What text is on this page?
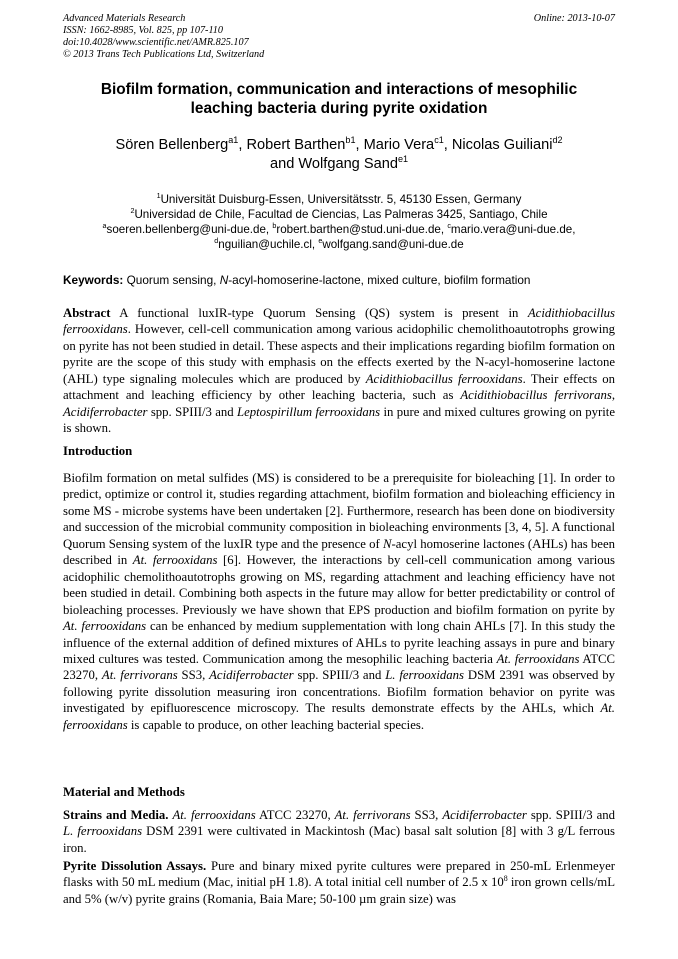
Advanced Materials Research
ISSN: 1662-8985, Vol. 825, pp 107-110
doi:10.4028/www.scientific.net/AMR.825.107
© 2013 Trans Tech Publications Ltd, Switzerland
Online: 2013-10-07
Biofilm formation, communication and interactions of mesophilic
leaching bacteria during pyrite oxidation
Sören Bellenberg$^{a1}$, Robert Barthen$^{b1}$, Mario Vera$^{c1}$, Nicolas Guiliani$^{d2}$
and Wolfgang Sand$^{e1}$
$^1$Universität Duisburg-Essen, Universitätsstr. 5, 45130 Essen, Germany
$^2$Universidad de Chile, Facultad de Ciencias, Las Palmeras 3425, Santiago, Chile
$^a$soeren.bellenberg@uni-due.de, $^b$robert.barthen@stud.uni-due.de, $^c$mario.vera@uni-due.de,
$^d$nguilian@uchile.cl, $^e$wolfgang.sand@uni-due.de
Keywords: Quorum sensing, N-acyl-homoserine-lactone, mixed culture, biofilm formation

Abstract A functional luxIR-type Quorum Sensing (QS) system is present in Acidithiobacillus ferrooxidans. However, cell-cell communication among various acidophilic chemolithoautotrophs growing on pyrite has not been studied in detail. These aspects and their implications regarding biofilm formation on pyrite are the scope of this study with emphasis on the effects exerted by the N-acyl-homoserine lactone (AHL) type signaling molecules which are produced by Acidithiobacillus ferrooxidans. Their effects on attachment and leaching efficiency by other leaching bacteria, such as Acidithiobacillus ferrivorans, Acidiferrobacter spp. SPIII/3 and Leptospirillum ferrooxidans in pure and mixed cultures growing on pyrite is shown.

Introduction

Biofilm formation on metal sulfides (MS) is considered to be a prerequisite for bioleaching [1]. In order to predict, optimize or control it, studies regarding attachment, biofilm formation and bioleaching efficiency in some MS - microbe systems have been undertaken [2]. Furthermore, research has been done on biodiversity and succession of the microbial community composition in bioleaching environments [3, 4, 5]. A functional Quorum Sensing system of the luxIR type and the presence of N-acyl homoserine lactones (AHLs) has been described in At. ferrooxidans [6]. However, the interactions by cell-cell communication among various acidophilic chemolithoautotrophs growing on MS, regarding attachment and leaching efficiency have not been studied in detail. Combining both aspects in the future may allow for better predictability or control of bioleaching processes. Previously we have shown that EPS production and biofilm formation on pyrite by At. ferrooxidans can be enhanced by medium supplementation with long chain AHLs [7]. In this study the influence of the external addition of defined mixtures of AHLs to pyrite leaching assays in pure and binary mixed cultures was tested. Communication among the mesophilic leaching bacteria At. ferrooxidans ATCC 23270, At. ferrivorans SS3, Acidiferrobacter spp. SPIII/3 and L. ferrooxidans DSM 2391 was observed by following pyrite dissolution measuring iron concentrations. Biofilm formation behavior on pyrite was investigated by epifluorescence microscopy. The results demonstrate effects by the AHLs, which At. ferrooxidans is capable to produce, on other leaching bacterial species.

Material and Methods

Strains and Media. At. ferrooxidans ATCC 23270, At. ferrivorans SS3, Acidiferrobacter spp. SPIII/3 and L. ferrooxidans DSM 2391 were cultivated in Mackintosh (Mac) basal salt solution [8] with 3 g/L ferrous iron.

Pyrite Dissolution Assays. Pure and binary mixed pyrite cultures were prepared in 250-mL Erlenmeyer flasks with 50 mL medium (Mac, initial pH 1.8). A total initial cell number of 2.5 x $10^8$ iron grown cells/mL and 5% (w/v) pyrite grains (Romania, Baia Mare; 50-100 µm grain size) was
